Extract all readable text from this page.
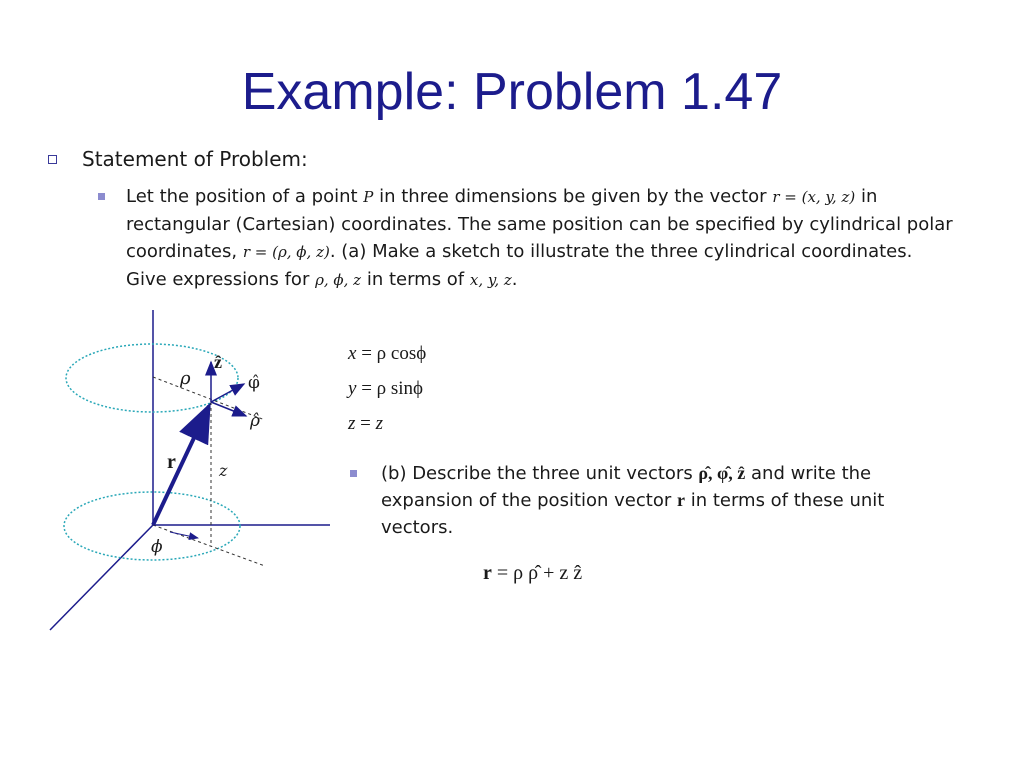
Example: Problem 1.47
Statement of Problem:
Let the position of a point P in three dimensions be given by the vector r = (x, y, z) in rectangular (Cartesian) coordinates. The same position can be specified by cylindrical polar coordinates, r = (ρ, ϕ, z). (a) Make a sketch to illustrate the three cylindrical coordinates. Give expressions for ρ, ϕ, z in terms of x, y, z.
r	z
ϕ
ρ
ẑ
φ̂
ρ̂
x = ρ cosϕ
y = ρ sinϕ
z = z
(b) Describe the three unit vectors ρ̂, φ̂, ẑ and write the expansion of the position vector r in terms of these unit vectors.
r = ρ ρ̂ + z ẑ
